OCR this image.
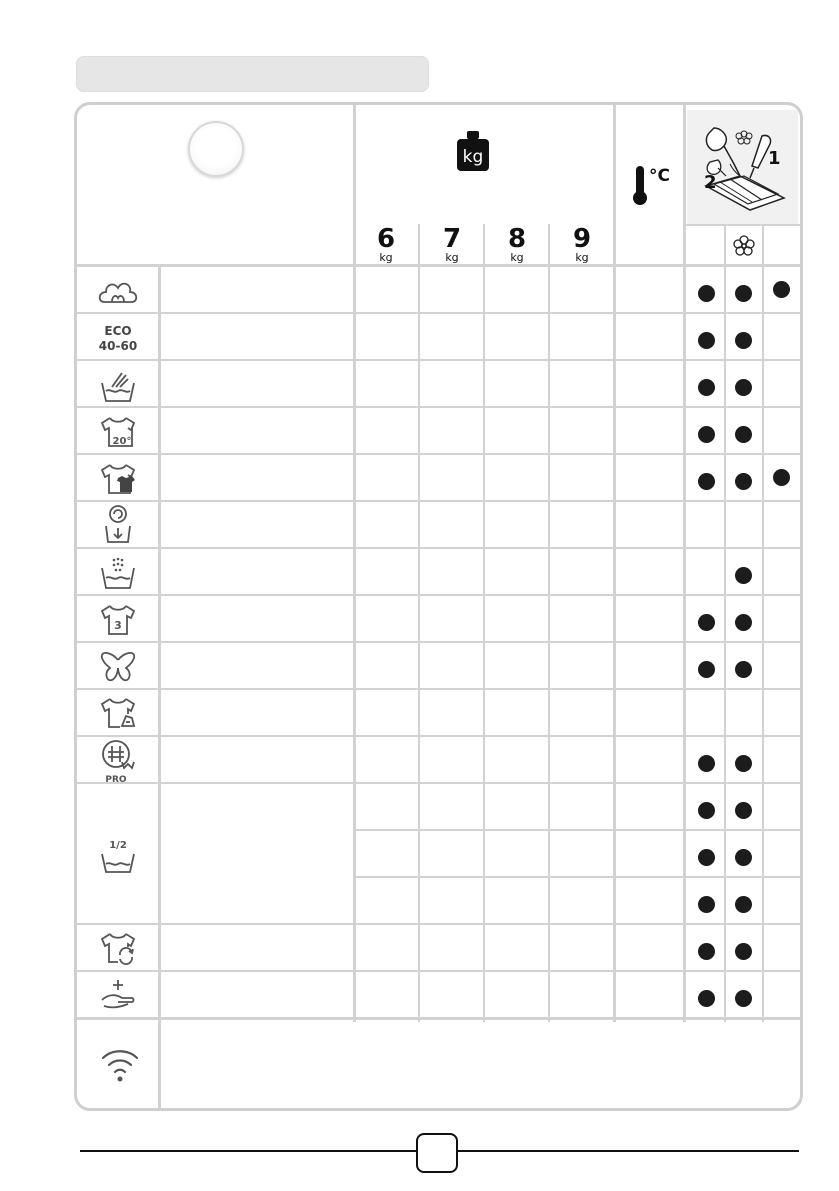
kg
6
kg
7
kg
8
kg
9
kg
°C
1
2
ECO
40-60
20°
3
PRO
1/2
